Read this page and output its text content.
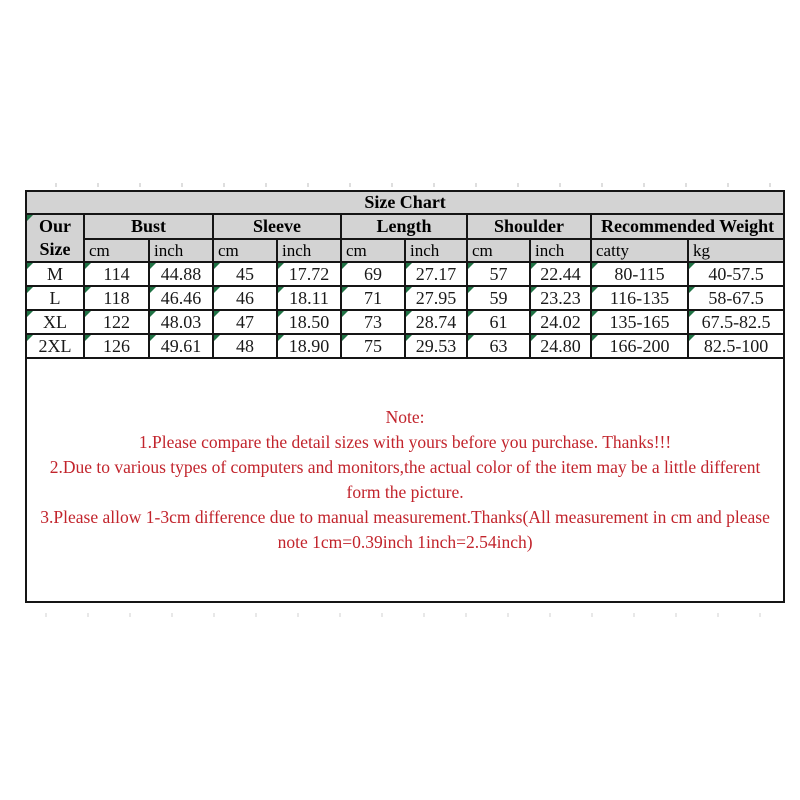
Size Chart										
Our Size	Bust		Sleeve		Length		Shoulder		Recommended Weight	
	cm	inch	cm	inch	cm	inch	cm	inch	catty	kg
M	114	44.88	45	17.72	69	27.17	57	22.44	80-115	40-57.5
L	118	46.46	46	18.11	71	27.95	59	23.23	116-135	58-67.5
XL	122	48.03	47	18.50	73	28.74	61	24.02	135-165	67.5-82.5
2XL	126	49.61	48	18.90	75	29.53	63	24.80	166-200	82.5-100

Note:
1.Please compare the detail sizes with yours before you purchase. Thanks!!!
2.Due to various types of computers and monitors,the actual color of the item may be a little different form the picture.
3.Please allow 1-3cm difference due to manual measurement.Thanks(All measurement in cm and please note 1cm=0.39inch 1inch=2.54inch)										
